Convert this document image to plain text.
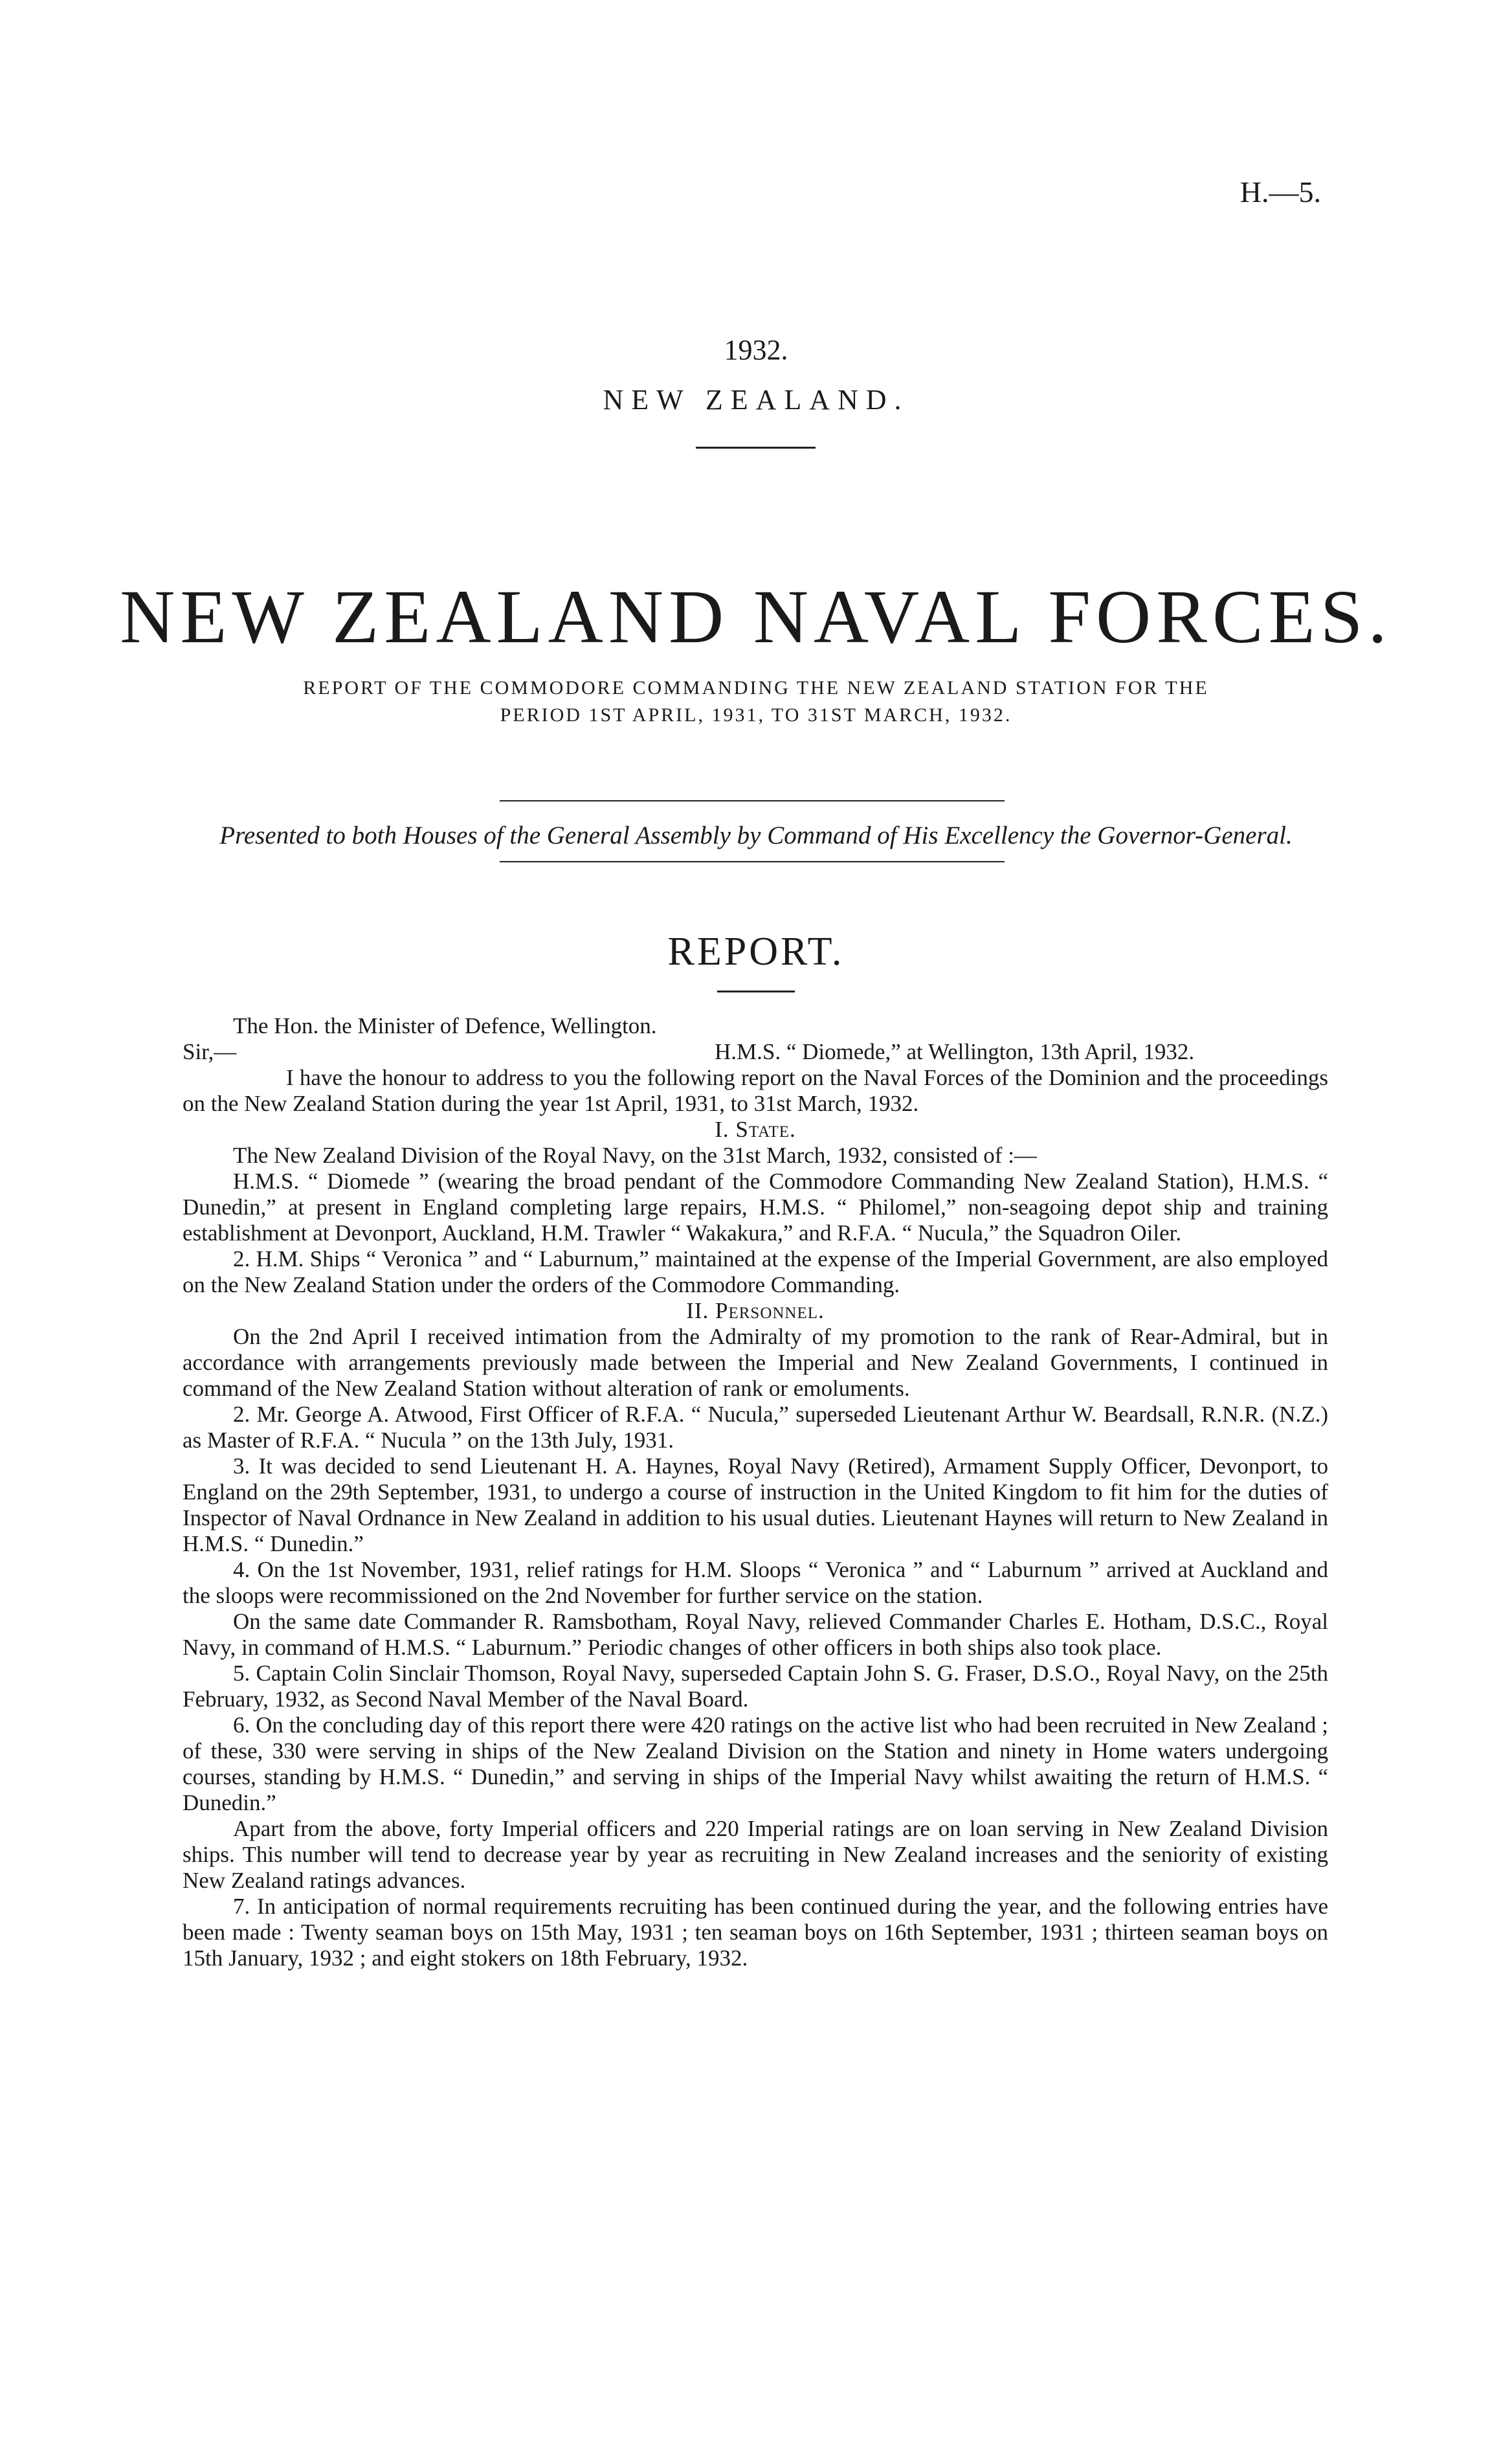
H.—5.
1932.
NEW ZEALAND.
NEW ZEALAND NAVAL FORCES.
REPORT OF THE COMMODORE COMMANDING THE NEW ZEALAND STATION FOR THE
PERIOD 1ST APRIL, 1931, TO 31ST MARCH, 1932.
Presented to both Houses of the General Assembly by Command of His Excellency the Governor-General.
REPORT.

The Hon. the Minister of Defence, Wellington.

Sir,—	H.M.S. “ Diomede,” at Wellington, 13th April, 1932.

I have the honour to address to you the following report on the Naval Forces of the Dominion and the proceedings on the New Zealand Station during the year 1st April, 1931, to 31st March, 1932.

I. State.

The New Zealand Division of the Royal Navy, on the 31st March, 1932, consisted of :—

H.M.S. “ Diomede ” (wearing the broad pendant of the Commodore Commanding New Zealand Station), H.M.S. “ Dunedin,” at present in England completing large repairs, H.M.S. “ Philomel,” non-seagoing depot ship and training establishment at Devonport, Auckland, H.M. Trawler “ Wakakura,” and R.F.A. “ Nucula,” the Squadron Oiler.

2. H.M. Ships “ Veronica ” and “ Laburnum,” maintained at the expense of the Imperial Government, are also employed on the New Zealand Station under the orders of the Commodore Commanding.

II. Personnel.

On the 2nd April I received intimation from the Admiralty of my promotion to the rank of Rear-Admiral, but in accordance with arrangements previously made between the Imperial and New Zealand Governments, I continued in command of the New Zealand Station without alteration of rank or emoluments.

2. Mr. George A. Atwood, First Officer of R.F.A. “ Nucula,” superseded Lieutenant Arthur W. Beardsall, R.N.R. (N.Z.) as Master of R.F.A. “ Nucula ” on the 13th July, 1931.

3. It was decided to send Lieutenant H. A. Haynes, Royal Navy (Retired), Armament Supply Officer, Devonport, to England on the 29th September, 1931, to undergo a course of instruction in the United Kingdom to fit him for the duties of Inspector of Naval Ordnance in New Zealand in addition to his usual duties. Lieutenant Haynes will return to New Zealand in H.M.S. “ Dunedin.”

4. On the 1st November, 1931, relief ratings for H.M. Sloops “ Veronica ” and “ Laburnum ” arrived at Auckland and the sloops were recommissioned on the 2nd November for further service on the station.

On the same date Commander R. Ramsbotham, Royal Navy, relieved Commander Charles E. Hotham, D.S.C., Royal Navy, in command of H.M.S. “ Laburnum.” Periodic changes of other officers in both ships also took place.

5. Captain Colin Sinclair Thomson, Royal Navy, superseded Captain John S. G. Fraser, D.S.O., Royal Navy, on the 25th February, 1932, as Second Naval Member of the Naval Board.

6. On the concluding day of this report there were 420 ratings on the active list who had been recruited in New Zealand ; of these, 330 were serving in ships of the New Zealand Division on the Station and ninety in Home waters undergoing courses, standing by H.M.S. “ Dunedin,” and serving in ships of the Imperial Navy whilst awaiting the return of H.M.S. “ Dunedin.”

Apart from the above, forty Imperial officers and 220 Imperial ratings are on loan serving in New Zealand Division ships. This number will tend to decrease year by year as recruiting in New Zealand increases and the seniority of existing New Zealand ratings advances.

7. In anticipation of normal requirements recruiting has been continued during the year, and the following entries have been made : Twenty seaman boys on 15th May, 1931 ; ten seaman boys on 16th September, 1931 ; thirteen seaman boys on 15th January, 1932 ; and eight stokers on 18th February, 1932.
